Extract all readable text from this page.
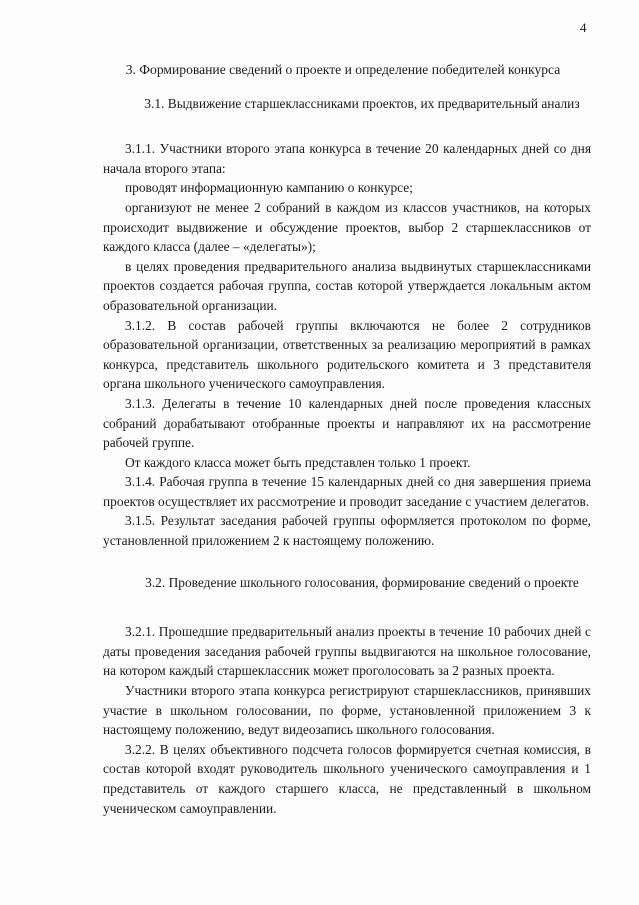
4

3. Формирование сведений о проекте и определение победителей конкурса

3.1. Выдвижение старшеклассниками проектов, их предварительный анализ

3.1.1. Участники второго этапа конкурса в течение 20 календарных дней со дня начала второго этапа:

проводят информационную кампанию о конкурсе;

организуют не менее 2 собраний в каждом из классов участников, на которых происходит выдвижение и обсуждение проектов, выбор 2 старшеклассников от каждого класса (далее – «делегаты»);

в целях проведения предварительного анализа выдвинутых старшеклассниками проектов создается рабочая группа, состав которой утверждается локальным актом образовательной организации.

3.1.2. В состав рабочей группы включаются не более 2 сотрудников образовательной организации, ответственных за реализацию мероприятий в рамках конкурса, представитель школьного родительского комитета и 3 представителя органа школьного ученического самоуправления.

3.1.3. Делегаты в течение 10 календарных дней после проведения классных собраний дорабатывают отобранные проекты и направляют их на рассмотрение рабочей группе.

От каждого класса может быть представлен только 1 проект.

3.1.4. Рабочая группа в течение 15 календарных дней со дня завершения приема проектов осуществляет их рассмотрение и проводит заседание с участием делегатов.

3.1.5. Результат заседания рабочей группы оформляется протоколом по форме, установленной приложением 2 к настоящему положению.

3.2. Проведение школьного голосования, формирование сведений о проекте

3.2.1. Прошедшие предварительный анализ проекты в течение 10 рабочих дней с даты проведения заседания рабочей группы выдвигаются на школьное голосование, на котором каждый старшеклассник может проголосовать за 2 разных проекта.

Участники второго этапа конкурса регистрируют старшеклассников, принявших участие в школьном голосовании, по форме, установленной приложением 3 к настоящему положению, ведут видеозапись школьного голосования.

3.2.2. В целях объективного подсчета голосов формируется счетная комиссия, в состав которой входят руководитель школьного ученического самоуправления и 1 представитель от каждого старшего класса, не представленный в школьном ученическом самоуправлении.
